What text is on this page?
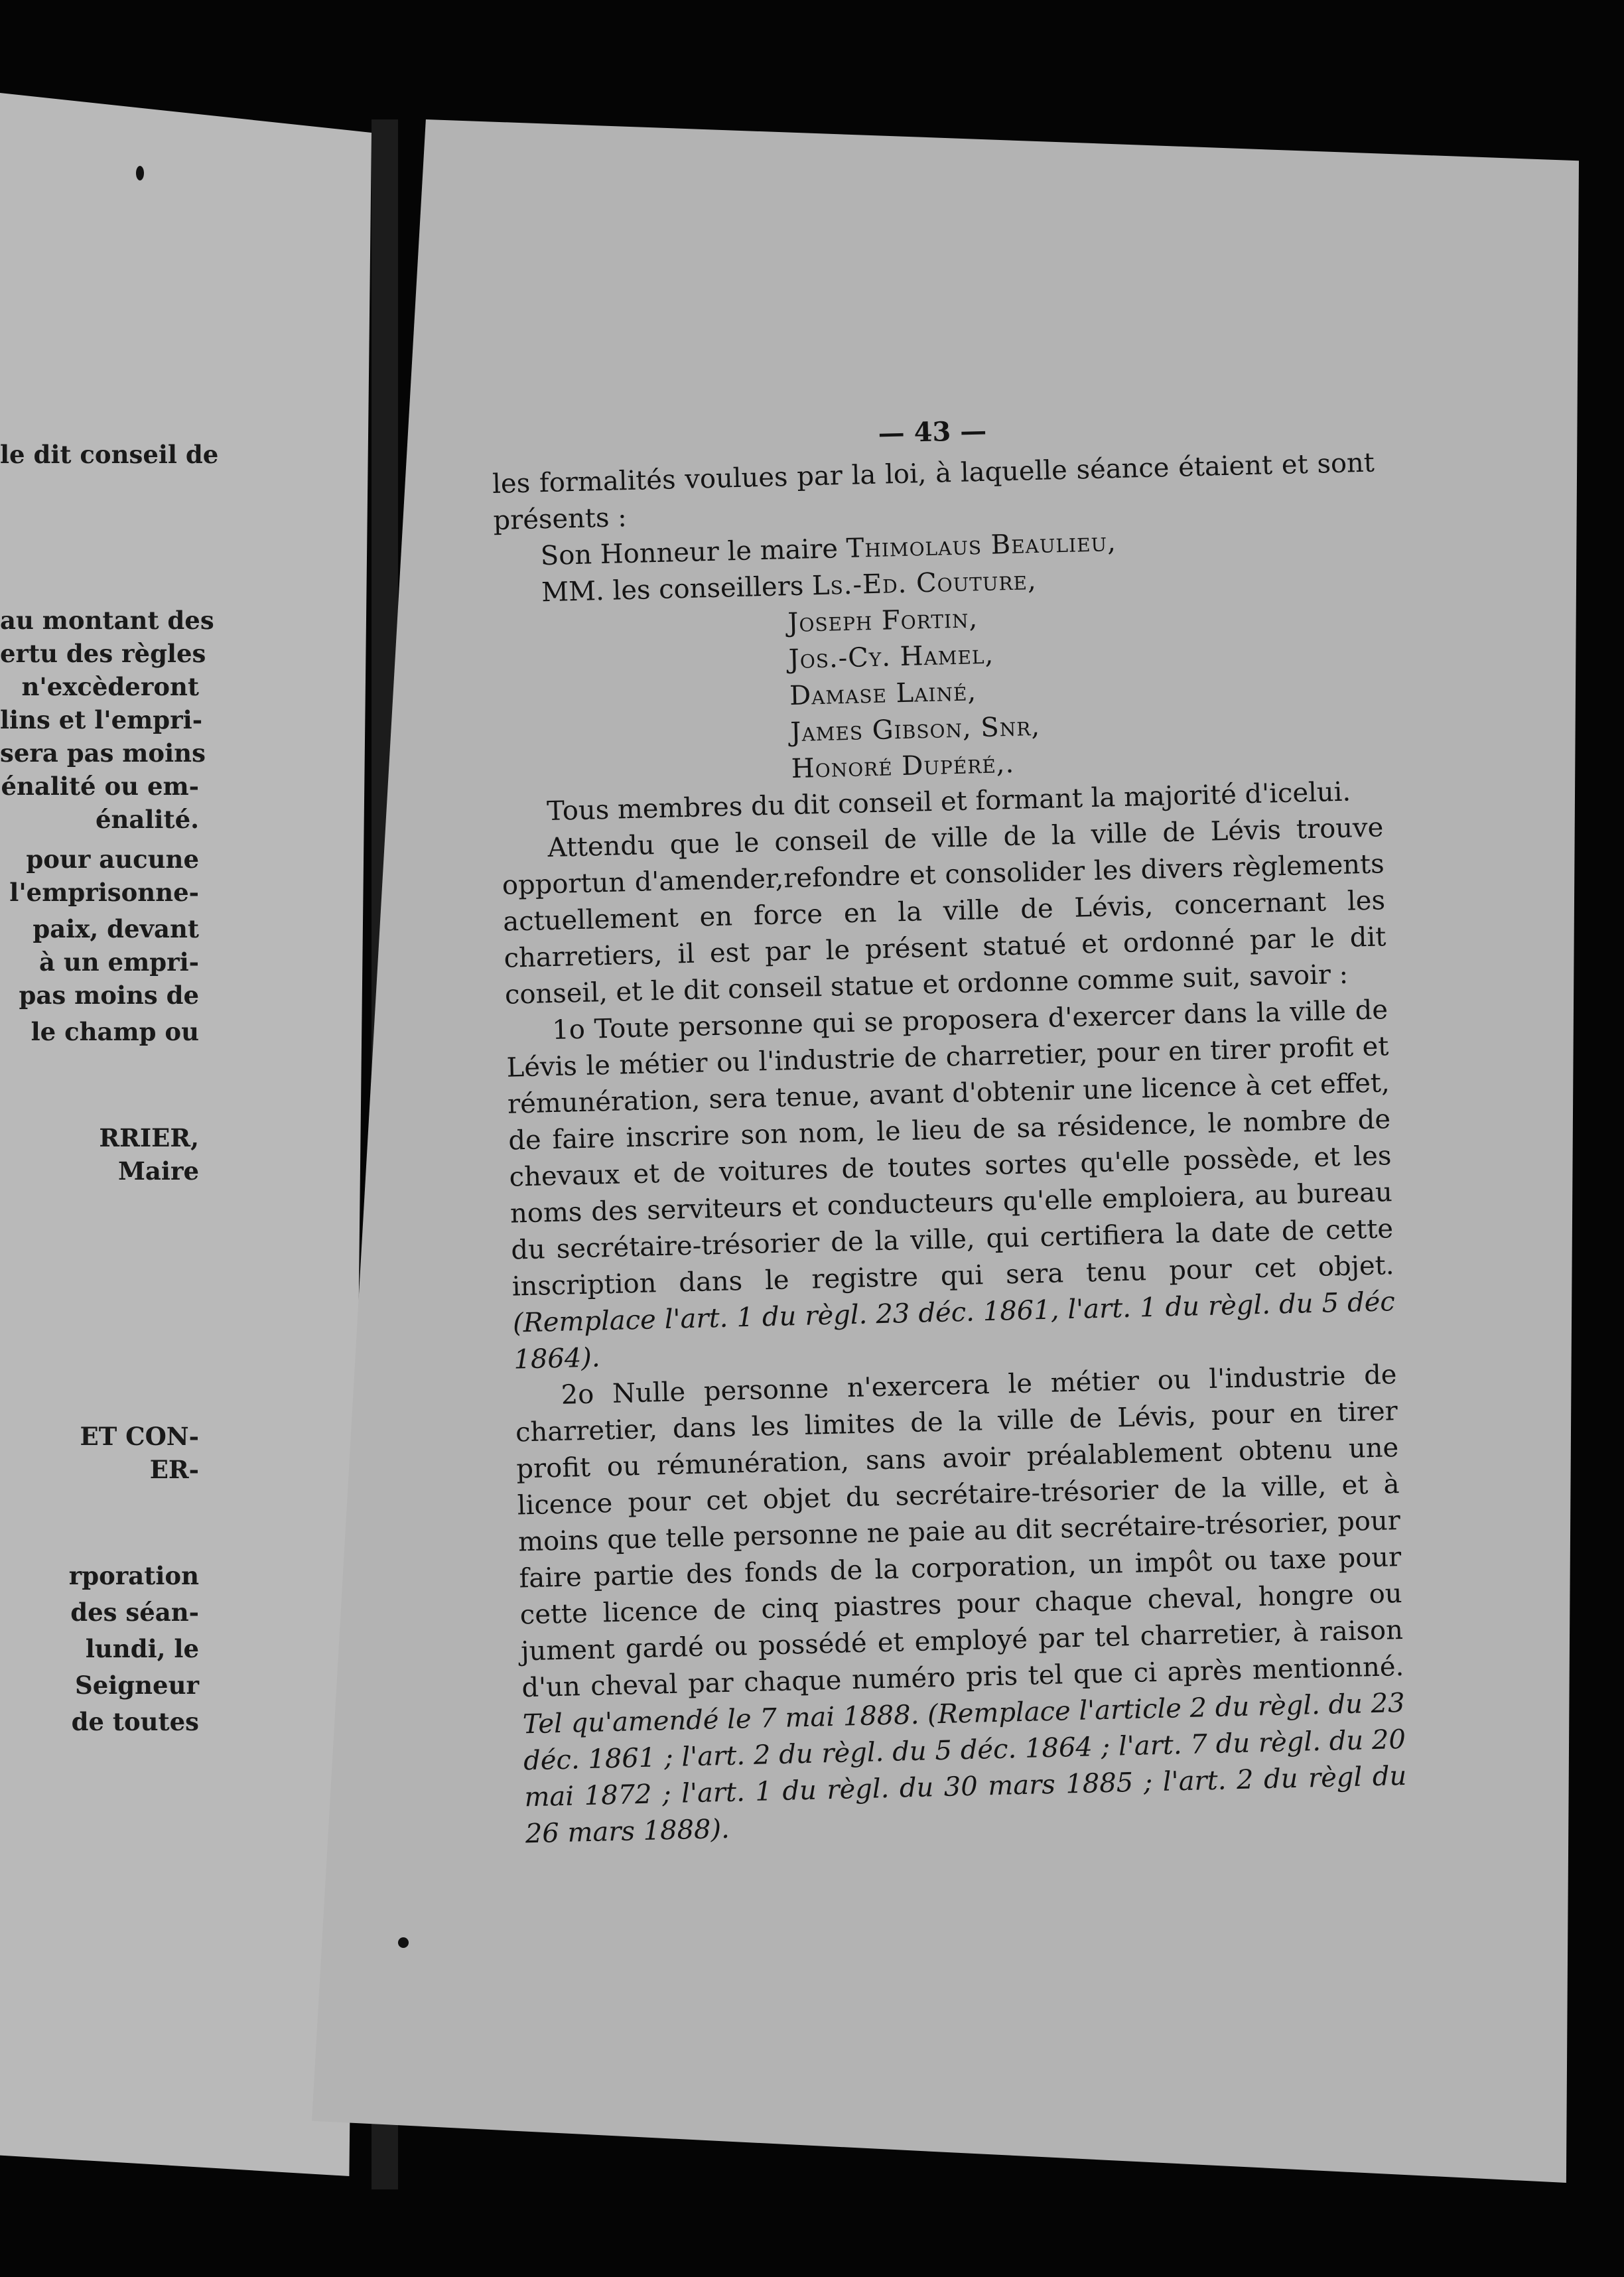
le dit conseil de
au montant des
ertu des règles
n'excèderont
lins et l'empri-
sera pas moins
énalité ou em-
énalité.
pour aucune
l'emprisonne-
paix, devant
à un empri-
pas moins de
le champ ou
RRIER,
Maire
ET CON-
ER-
rporation
des séan-
lundi, le
Seigneur
de toutes
— 43 —

les formalités voulues par la loi, à laquelle séance étaient et sont présents :

Son Honneur le maire Thimolaus Beaulieu,

MM. les conseillers Ls.-Ed. Couture,

Joseph Fortin,

Jos.-Cy. Hamel,

Damase Lainé,

James Gibson, Snr,

Honoré Dupéré,.

Tous membres du dit conseil et formant la majorité d'icelui.

Attendu que le conseil de ville de la ville de Lévis trouve opportun d'amender,refondre et consolider les divers règlements actuellement en force en la ville de Lévis, concernant les charretiers, il est par le présent statué et ordonné par le dit conseil, et le dit conseil statue et ordonne comme suit, savoir :

1o Toute personne qui se proposera d'exercer dans la ville de Lévis le métier ou l'industrie de charretier, pour en tirer profit et rémunération, sera tenue, avant d'obtenir une licence à cet effet, de faire inscrire son nom, le lieu de sa résidence, le nombre de chevaux et de voitures de toutes sortes qu'elle possède, et les noms des serviteurs et conducteurs qu'elle emploiera, au bureau du secrétaire-trésorier de la ville, qui certifiera la date de cette inscription dans le registre qui sera tenu pour cet objet. (Remplace l'art. 1 du règl. 23 déc. 1861, l'art. 1 du règl. du 5 déc 1864).

2o Nulle personne n'exercera le métier ou l'industrie de charretier, dans les limites de la ville de Lévis, pour en tirer profit ou rémunération, sans avoir préalablement obtenu une licence pour cet objet du secrétaire-trésorier de la ville, et à moins que telle personne ne paie au dit secrétaire-trésorier, pour faire partie des fonds de la corporation, un impôt ou taxe pour cette licence de cinq piastres pour chaque cheval, hongre ou jument gardé ou possédé et employé par tel charretier, à raison d'un cheval par chaque numéro pris tel que ci après mentionné. Tel qu'amendé le 7 mai 1888. (Remplace l'article 2 du règl. du 23 déc. 1861 ; l'art. 2 du règl. du 5 déc. 1864 ; l'art. 7 du règl. du 20 mai 1872 ; l'art. 1 du règl. du 30 mars 1885 ; l'art. 2 du règl du 26 mars 1888).
